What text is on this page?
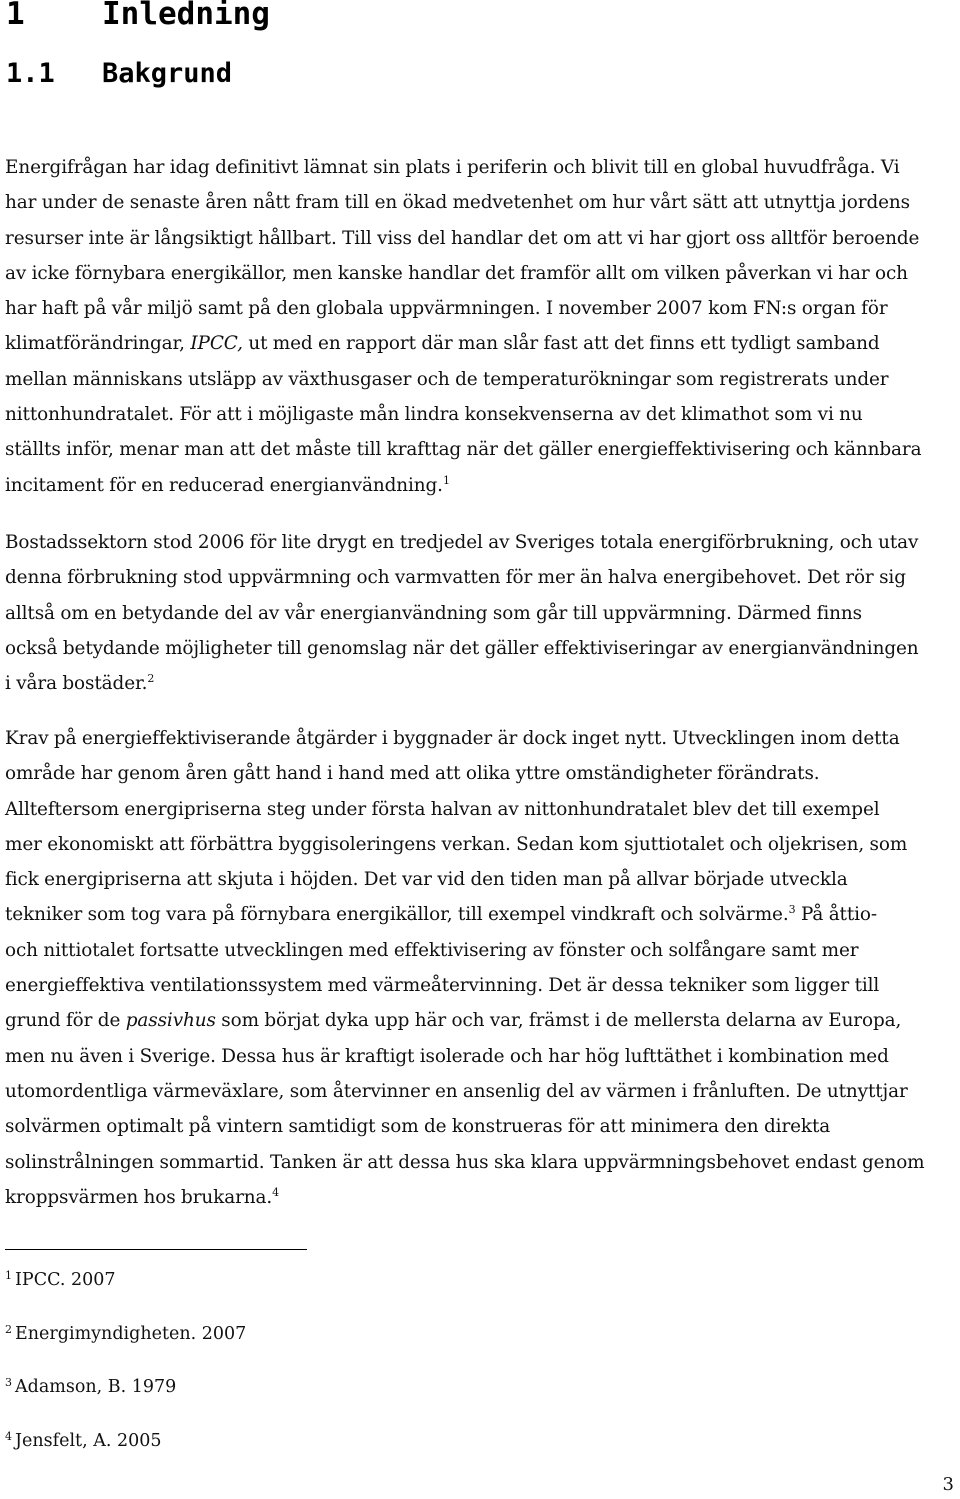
1 Inledning
1.1 Bakgrund

Energifrågan har idag definitivt lämnat sin plats i periferin och blivit till en global huvudfråga. Vi
har under de senaste åren nått fram till en ökad medvetenhet om hur vårt sätt att utnyttja jordens
resurser inte är långsiktigt hållbart. Till viss del handlar det om att vi har gjort oss alltför beroende
av icke förnybara energikällor, men kanske handlar det framför allt om vilken påverkan vi har och
har haft på vår miljö samt på den globala uppvärmningen. I november 2007 kom FN:s organ för
klimatförändringar, IPCC, ut med en rapport där man slår fast att det finns ett tydligt samband
mellan människans utsläpp av växthusgaser och de temperaturökningar som registrerats under
nittonhundratalet. För att i möjligaste mån lindra konsekvenserna av det klimathot som vi nu
ställts inför, menar man att det måste till krafttag när det gäller energieffektivisering och kännbara
incitament för en reducerad energianvändning.$^1$

Bostadssektorn stod 2006 för lite drygt en tredjedel av Sveriges totala energiförbrukning, och utav
denna förbrukning stod uppvärmning och varmvatten för mer än halva energibehovet. Det rör sig
alltså om en betydande del av vår energianvändning som går till uppvärmning. Därmed finns
också betydande möjligheter till genomslag när det gäller effektiviseringar av energianvändningen
i våra bostäder.$^2$

Krav på energieffektiviserande åtgärder i byggnader är dock inget nytt. Utvecklingen inom detta
område har genom åren gått hand i hand med att olika yttre omständigheter förändrats.
Allteftersom energipriserna steg under första halvan av nittonhundratalet blev det till exempel
mer ekonomiskt att förbättra byggisoleringens verkan. Sedan kom sjuttiotalet och oljekrisen, som
fick energipriserna att skjuta i höjden. Det var vid den tiden man på allvar började utveckla
tekniker som tog vara på förnybara energikällor, till exempel vindkraft och solvärme.$^3$ På åttio-
och nittiotalet fortsatte utvecklingen med effektivisering av fönster och solfångare samt mer
energieffektiva ventilationssystem med värmeåtervinning. Det är dessa tekniker som ligger till
grund för de passivhus som börjat dyka upp här och var, främst i de mellersta delarna av Europa,
men nu även i Sverige. Dessa hus är kraftigt isolerade och har hög lufttäthet i kombination med
utomordentliga värmeväxlare, som återvinner en ansenlig del av värmen i frånluften. De utnyttjar
solvärmen optimalt på vintern samtidigt som de konstrueras för att minimera den direkta
solinstrålningen sommartid. Tanken är att dessa hus ska klara uppvärmningsbehovet endast genom
kroppsvärmen hos brukarna.$^4$

$^1$ IPCC. 2007

$^2$ Energimyndigheten. 2007

$^3$ Adamson, B. 1979

$^4$ Jensfelt, A. 2005

3
